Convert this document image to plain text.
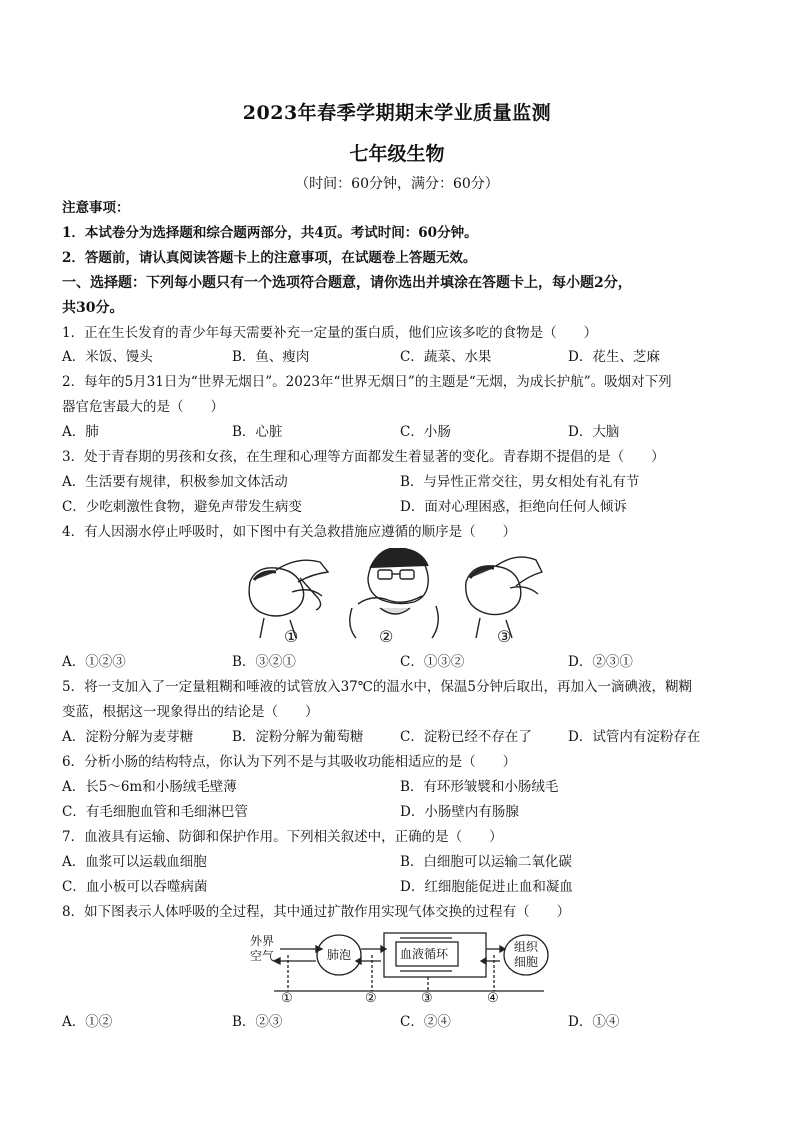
2023年春季学期期末学业质量监测
七年级生物
（时间：60分钟，满分：60分）
注意事项：
1．本试卷分为选择题和综合题两部分，共4页。考试时间：60分钟。
2．答题前，请认真阅读答题卡上的注意事项，在试题卷上答题无效。
一、选择题：下列每小题只有一个选项符合题意，请你选出并填涂在答题卡上，每小题2分，
共30分。
1．正在生长发育的青少年每天需要补充一定量的蛋白质，他们应该多吃的食物是（　　）
A．米饭、馒头	B．鱼、瘦肉	C．蔬菜、水果	D．花生、芝麻
2．每年的5月31日为“世界无烟日”。2023年“世界无烟日”的主题是“无烟，为成长护航”。吸烟对下列
器官危害最大的是（　　）
A．肺	B．心脏	C．小肠	D．大脑
3．处于青春期的男孩和女孩，在生理和心理等方面都发生着显著的变化。青春期不提倡的是（　　）
A．生活要有规律，积极参加文体活动	B．与异性正常交往，男女相处有礼有节
C．少吃刺激性食物，避免声带发生病变	D．面对心理困惑，拒绝向任何人倾诉
4．有人因溺水停止呼吸时，如下图中有关急救措施应遵循的顺序是（　　）
①	②	③
A．①②③	B．③②①	C．①③②	D．②③①
5．将一支加入了一定量粗糊和唾液的试管放入37℃的温水中，保温5分钟后取出，再加入一滴碘液，糊糊
变蓝，根据这一现象得出的结论是（　　）
A．淀粉分解为麦芽糖	B．淀粉分解为葡萄糖	C．淀粉已经不存在了	D．试管内有淀粉存在
6．分析小肠的结构特点，你认为下列不是与其吸收功能相适应的是（　　）
A．长5～6m和小肠绒毛壁薄	B．有环形皱襞和小肠绒毛
C．有毛细胞血管和毛细淋巴管	D．小肠壁内有肠腺
7．血液具有运输、防御和保护作用。下列相关叙述中，正确的是（　　）
A．血浆可以运载血细胞	B．白细胞可以运输二氧化碳
C．血小板可以吞噬病菌	D．红细胞能促进止血和凝血
8．如下图表示人体呼吸的全过程，其中通过扩散作用实现气体交换的过程有（　　）
外界
空气	肺泡	血液循环	组织
细胞
①	②	③	④
A．①②	B．②③	C．②④	D．①④
